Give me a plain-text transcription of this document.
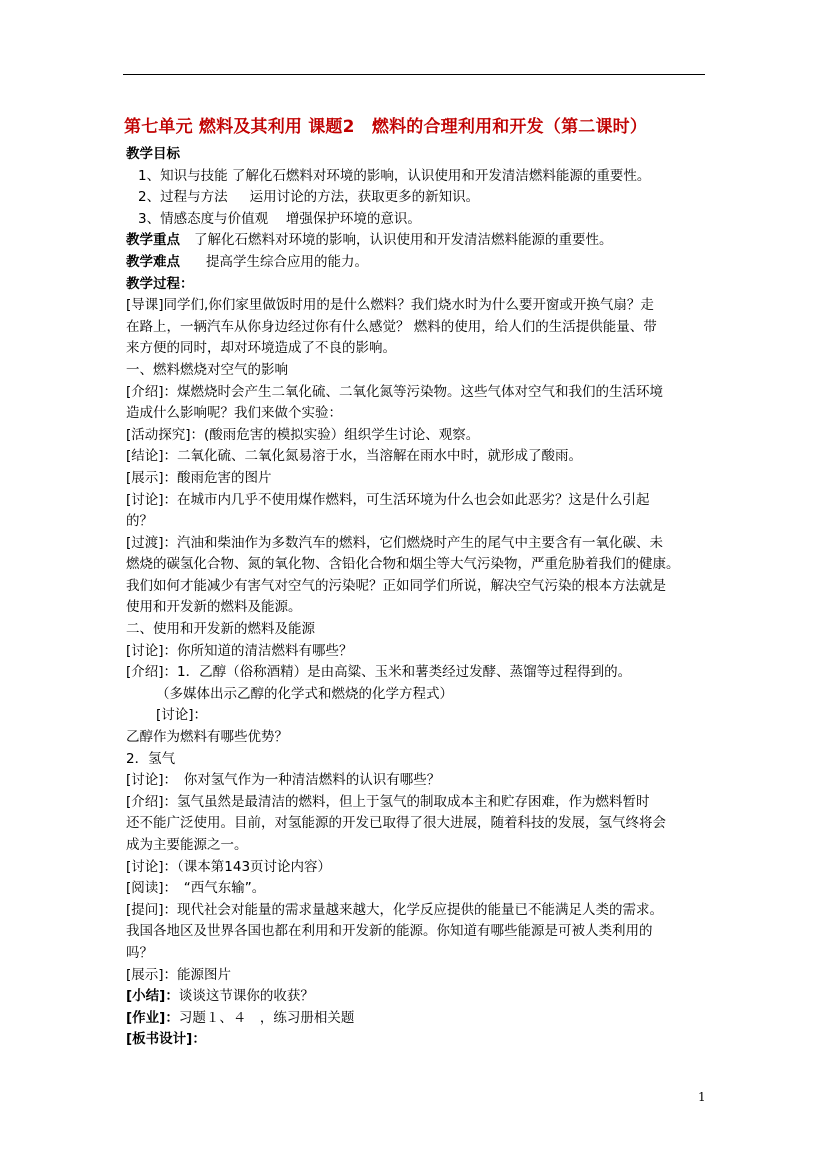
第七单元 燃料及其利用 课题2　燃料的合理利用和开发（第二课时）
教学目标
1、知识与技能 了解化石燃料对环境的影响，认识使用和开发清洁燃料能源的重要性。
2、过程与方法 　 运用讨论的方法，获取更多的新知识。
3、情感态度与价值观 　增强保护环境的意识。
教学重点 了解化石燃料对环境的影响，认识使用和开发清洁燃料能源的重要性。
教学难点 提高学生综合应用的能力。
教学过程：
[导课]同学们,你们家里做饭时用的是什么燃料？我们烧水时为什么要开窗或开换气扇？走
在路上，一辆汽车从你身边经过你有什么感觉？ 燃料的使用，给人们的生活提供能量、带
来方便的同时，却对环境造成了不良的影响。
一、燃料燃烧对空气的影响
[介绍]：煤燃烧时会产生二氧化硫、二氧化氮等污染物。这些气体对空气和我们的生活环境
造成什么影响呢？我们来做个实验：
[活动探究]：(酸雨危害的模拟实验）组织学生讨论、观察。
[结论]：二氧化硫、二氧化氮易溶于水，当溶解在雨水中时，就形成了酸雨。
[展示]：酸雨危害的图片
[讨论]：在城市内几乎不使用煤作燃料，可生活环境为什么也会如此恶劣？这是什么引起
的？
[过渡]：汽油和柴油作为多数汽车的燃料，它们燃烧时产生的尾气中主要含有一氧化碳、未
燃烧的碳氢化合物、氮的氧化物、含铅化合物和烟尘等大气污染物，严重危胁着我们的健康。
我们如何才能减少有害气对空气的污染呢？正如同学们所说，解决空气污染的根本方法就是
使用和开发新的燃料及能源。
二、使用和开发新的燃料及能源
[讨论]：你所知道的清洁燃料有哪些？
[介绍]：1．乙醇（俗称酒精）是由高粱、玉米和薯类经过发酵、蒸馏等过程得到的。
（多媒体出示乙醇的化学式和燃烧的化学方程式）
[讨论]：
乙醇作为燃料有哪些优势？
2．氢气
[讨论]：　你对氢气作为一种清洁燃料的认识有哪些？
[介绍]：氢气虽然是最清洁的燃料，但上于氢气的制取成本主和贮存困难，作为燃料暂时
还不能广泛使用。目前，对氢能源的开发已取得了很大进展，随着科技的发展，氢气终将会
成为主要能源之一。
[讨论]：（课本第143页讨论内容）
[阅读]：　“西气东输”。
[提问]：现代社会对能量的需求量越来越大，化学反应提供的能量已不能满足人类的需求。
我国各地区及世界各国也都在利用和开发新的能源。你知道有哪些能源是可被人类利用的
吗？
[展示]：能源图片
[小结]：谈谈这节课你的收获？
[作业]：习题１、４　，练习册相关题
[板书设计]：
1
